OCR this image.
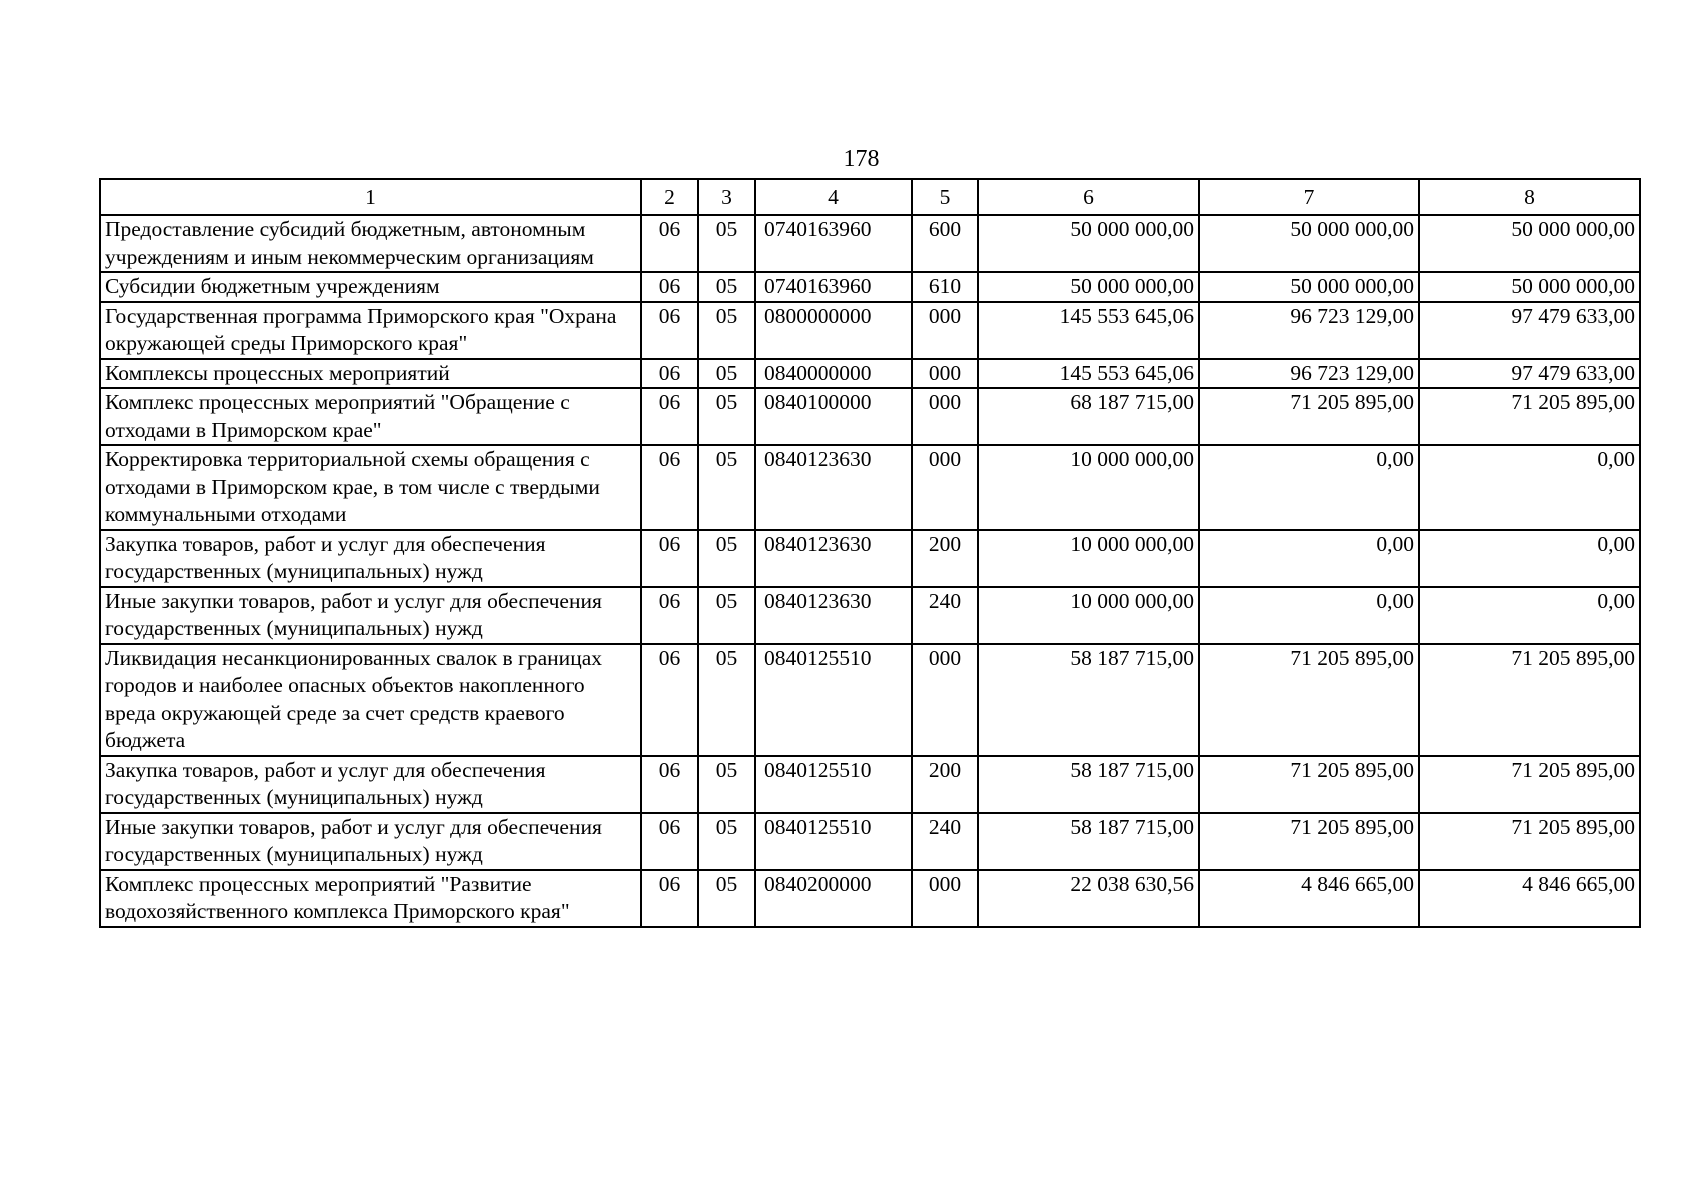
178
1	2	3	4	5	6	7	8
Предоставление субсидий бюджетным, автономным учреждениям и иным некоммерческим организациям	06	05	0740163960	600	50 000 000,00	50 000 000,00	50 000 000,00
Субсидии бюджетным учреждениям	06	05	0740163960	610	50 000 000,00	50 000 000,00	50 000 000,00
Государственная программа Приморского края "Охрана окружающей среды Приморского края"	06	05	0800000000	000	145 553 645,06	96 723 129,00	97 479 633,00
Комплексы процессных мероприятий	06	05	0840000000	000	145 553 645,06	96 723 129,00	97 479 633,00
Комплекс процессных мероприятий "Обращение с отходами в Приморском крае"	06	05	0840100000	000	68 187 715,00	71 205 895,00	71 205 895,00
Корректировка территориальной схемы обращения с отходами в Приморском крае, в том числе с твердыми коммунальными отходами	06	05	0840123630	000	10 000 000,00	0,00	0,00
Закупка товаров, работ и услуг для обеспечения государственных (муниципальных) нужд	06	05	0840123630	200	10 000 000,00	0,00	0,00
Иные закупки товаров, работ и услуг для обеспечения государственных (муниципальных) нужд	06	05	0840123630	240	10 000 000,00	0,00	0,00
Ликвидация несанкционированных свалок в границах городов и наиболее опасных объектов накопленного вреда окружающей среде за счет средств краевого бюджета	06	05	0840125510	000	58 187 715,00	71 205 895,00	71 205 895,00
Закупка товаров, работ и услуг для обеспечения государственных (муниципальных) нужд	06	05	0840125510	200	58 187 715,00	71 205 895,00	71 205 895,00
Иные закупки товаров, работ и услуг для обеспечения государственных (муниципальных) нужд	06	05	0840125510	240	58 187 715,00	71 205 895,00	71 205 895,00
Комплекс процессных мероприятий "Развитие водохозяйственного комплекса Приморского края"	06	05	0840200000	000	22 038 630,56	4 846 665,00	4 846 665,00
